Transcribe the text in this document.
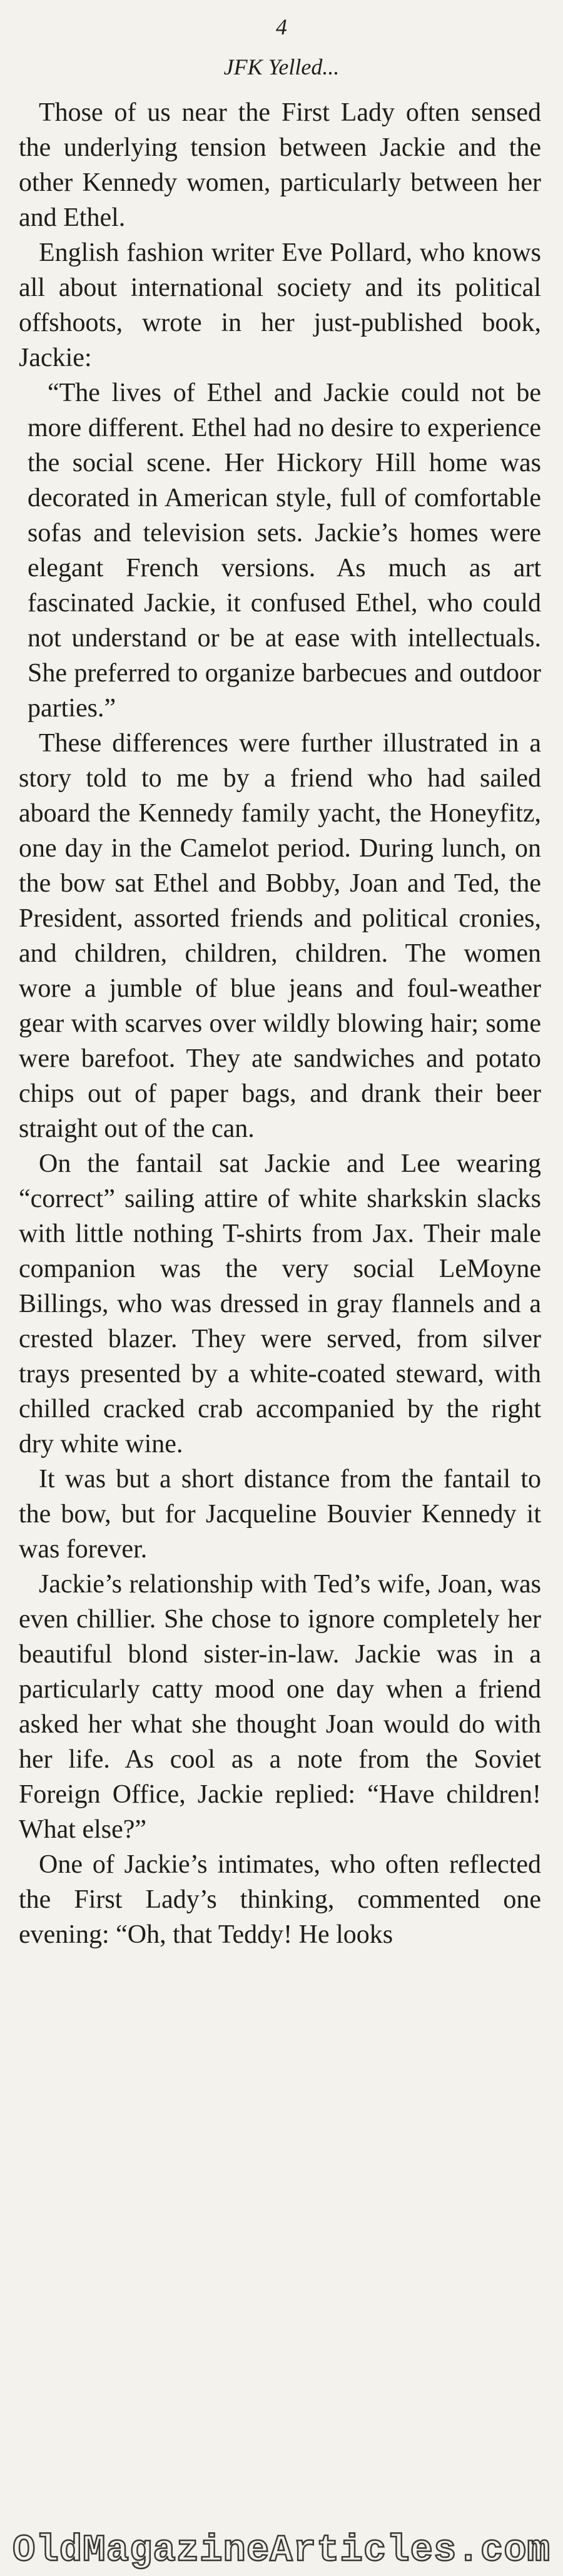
4
JFK Yelled...

Those of us near the First Lady often sensed the underlying tension between Jackie and the other Kennedy women, particularly between her and Ethel.

English fashion writer Eve Pollard, who knows all about international society and its political offshoots, wrote in her just-published book, Jackie:

“The lives of Ethel and Jackie could not be more different. Ethel had no desire to experience the social scene. Her Hickory Hill home was decorated in American style, full of comfortable sofas and television sets. Jackie’s homes were elegant French versions. As much as art fascinated Jackie, it confused Ethel, who could not understand or be at ease with intellectuals. She preferred to organize barbecues and outdoor parties.”

These differences were further illustrated in a story told to me by a friend who had sailed aboard the Kennedy family yacht, the Honeyfitz, one day in the Camelot period. During lunch, on the bow sat Ethel and Bobby, Joan and Ted, the President, assorted friends and political cronies, and children, children, children. The women wore a jumble of blue jeans and foul-weather gear with scarves over wildly blowing hair; some were barefoot. They ate sandwiches and potato chips out of paper bags, and drank their beer straight out of the can.

On the fantail sat Jackie and Lee wearing “correct” sailing attire of white sharkskin slacks with little nothing T-shirts from Jax. Their male companion was the very social LeMoyne Billings, who was dressed in gray flannels and a crested blazer. They were served, from silver trays presented by a white-coated steward, with chilled cracked crab accompanied by the right dry white wine.

It was but a short distance from the fantail to the bow, but for Jacqueline Bouvier Kennedy it was forever.

Jackie’s relationship with Ted’s wife, Joan, was even chillier. She chose to ignore completely her beautiful blond sister-in-law. Jackie was in a particularly catty mood one day when a friend asked her what she thought Joan would do with her life. As cool as a note from the Soviet Foreign Office, Jackie replied: “Have children! What else?”

One of Jackie’s intimates, who often reflected the First Lady’s thinking, commented one evening: “Oh, that Teddy! He looks

OldMagazineArticles.com
